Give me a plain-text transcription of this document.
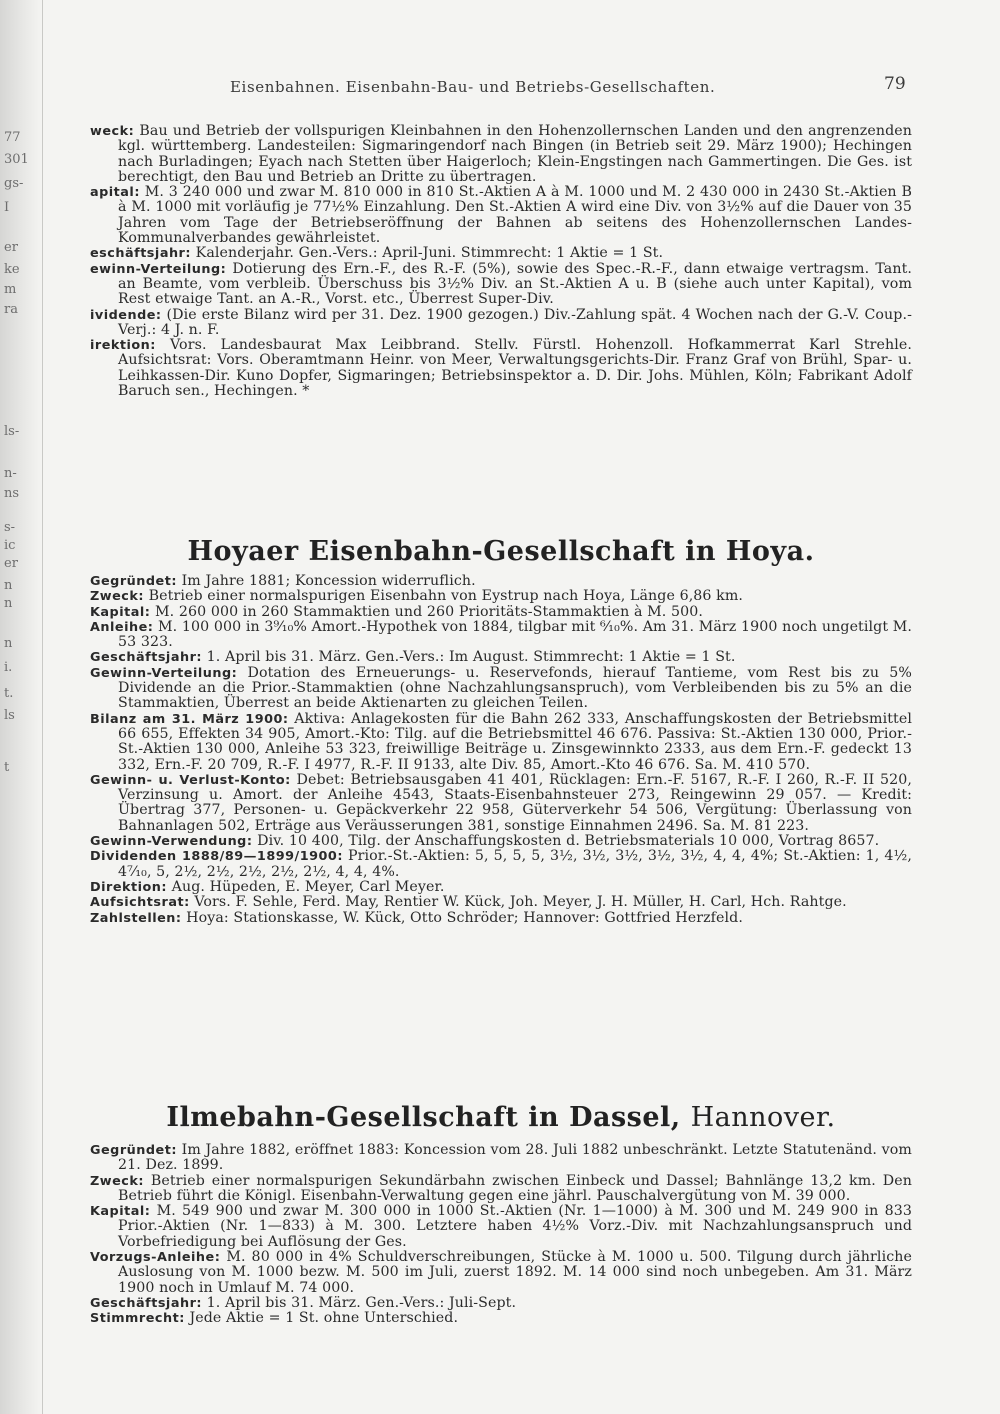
77
301
gs-
I
er
ke
m
ra
ls-
n-
ns
s-
ic
er
n
n
n
i.
t.
ls
t
Eisenbahnen. Eisenbahn-Bau- und Betriebs-Gesellschaften.	79

weck: Bau und Betrieb der vollspurigen Kleinbahnen in den Hohenzollernschen Landen und den angrenzenden kgl. württemberg. Landesteilen: Sigmaringendorf nach Bingen (in Betrieb seit 29. März 1900); Hechingen nach Burladingen; Eyach nach Stetten über Haigerloch; Klein-Engstingen nach Gammertingen. Die Ges. ist berechtigt, den Bau und Betrieb an Dritte zu übertragen.

apital: M. 3 240 000 und zwar M. 810 000 in 810 St.-Aktien A à M. 1000 und M. 2 430 000 in 2430 St.-Aktien B à M. 1000 mit vorläufig je 77½% Einzahlung. Den St.-Aktien A wird eine Div. von 3½% auf die Dauer von 35 Jahren vom Tage der Betriebseröffnung der Bahnen ab seitens des Hohenzollernschen Landes-Kommunalverbandes gewährleistet.

eschäftsjahr: Kalenderjahr. Gen.-Vers.: April-Juni. Stimmrecht: 1 Aktie = 1 St.

ewinn-Verteilung: Dotierung des Ern.-F., des R.-F. (5%), sowie des Spec.-R.-F., dann etwaige vertragsm. Tant. an Beamte, vom verbleib. Überschuss bis 3½% Div. an St.-Aktien A u. B (siehe auch unter Kapital), vom Rest etwaige Tant. an A.-R., Vorst. etc., Überrest Super-Div.

ividende: (Die erste Bilanz wird per 31. Dez. 1900 gezogen.) Div.-Zahlung spät. 4 Wochen nach der G.-V. Coup.-Verj.: 4 J. n. F.

irektion: Vors. Landesbaurat Max Leibbrand. Stellv. Fürstl. Hohenzoll. Hofkammerrat Karl Strehle. Aufsichtsrat: Vors. Oberamtmann Heinr. von Meer, Verwaltungsgerichts-Dir. Franz Graf von Brühl, Spar- u. Leihkassen-Dir. Kuno Dopfer, Sigmaringen; Betriebsinspektor a. D. Dir. Johs. Mühlen, Köln; Fabrikant Adolf Baruch sen., Hechingen. *

Hoyaer Eisenbahn-Gesellschaft in Hoya.

Gegründet: Im Jahre 1881; Koncession widerruflich.

Zweck: Betrieb einer normalspurigen Eisenbahn von Eystrup nach Hoya, Länge 6,86 km.

Kapital: M. 260 000 in 260 Stammaktien und 260 Prioritäts-Stammaktien à M. 500.

Anleihe: M. 100 000 in 3⁹⁄₁₀% Amort.-Hypothek von 1884, tilgbar mit ⁶⁄₁₀%. Am 31. März 1900 noch ungetilgt M. 53 323.

Geschäftsjahr: 1. April bis 31. März. Gen.-Vers.: Im August. Stimmrecht: 1 Aktie = 1 St.

Gewinn-Verteilung: Dotation des Erneuerungs- u. Reservefonds, hierauf Tantieme, vom Rest bis zu 5% Dividende an die Prior.-Stammaktien (ohne Nachzahlungsanspruch), vom Verbleibenden bis zu 5% an die Stammaktien, Überrest an beide Aktienarten zu gleichen Teilen.

Bilanz am 31. März 1900: Aktiva: Anlagekosten für die Bahn 262 333, Anschaffungskosten der Betriebsmittel 66 655, Effekten 34 905, Amort.-Kto: Tilg. auf die Betriebsmittel 46 676. Passiva: St.-Aktien 130 000, Prior.-St.-Aktien 130 000, Anleihe 53 323, freiwillige Beiträge u. Zinsgewinnkto 2333, aus dem Ern.-F. gedeckt 13 332, Ern.-F. 20 709, R.-F. I 4977, R.-F. II 9133, alte Div. 85, Amort.-Kto 46 676. Sa. M. 410 570.

Gewinn- u. Verlust-Konto: Debet: Betriebsausgaben 41 401, Rücklagen: Ern.-F. 5167, R.-F. I 260, R.-F. II 520, Verzinsung u. Amort. der Anleihe 4543, Staats-Eisenbahnsteuer 273, Reingewinn 29 057. — Kredit: Übertrag 377, Personen- u. Gepäckverkehr 22 958, Güterverkehr 54 506, Vergütung: Überlassung von Bahnanlagen 502, Erträge aus Veräusserungen 381, sonstige Einnahmen 2496. Sa. M. 81 223.

Gewinn-Verwendung: Div. 10 400, Tilg. der Anschaffungskosten d. Betriebsmaterials 10 000, Vortrag 8657.

Dividenden 1888/89—1899/1900: Prior.-St.-Aktien: 5, 5, 5, 5, 3½, 3½, 3½, 3½, 3½, 4, 4, 4%; St.-Aktien: 1, 4½, 4⁷⁄₁₀, 5, 2½, 2½, 2½, 2½, 2½, 4, 4, 4%.

Direktion: Aug. Hüpeden, E. Meyer, Carl Meyer.

Aufsichtsrat: Vors. F. Sehle, Ferd. May, Rentier W. Kück, Joh. Meyer, J. H. Müller, H. Carl, Hch. Rahtge.

Zahlstellen: Hoya: Stationskasse, W. Kück, Otto Schröder; Hannover: Gottfried Herzfeld.

Ilmebahn-Gesellschaft in Dassel, Hannover.

Gegründet: Im Jahre 1882, eröffnet 1883: Koncession vom 28. Juli 1882 unbeschränkt. Letzte Statutenänd. vom 21. Dez. 1899.

Zweck: Betrieb einer normalspurigen Sekundärbahn zwischen Einbeck und Dassel; Bahnlänge 13,2 km. Den Betrieb führt die Königl. Eisenbahn-Verwaltung gegen eine jährl. Pauschalvergütung von M. 39 000.

Kapital: M. 549 900 und zwar M. 300 000 in 1000 St.-Aktien (Nr. 1—1000) à M. 300 und M. 249 900 in 833 Prior.-Aktien (Nr. 1—833) à M. 300. Letztere haben 4½% Vorz.-Div. mit Nachzahlungsanspruch und Vorbefriedigung bei Auflösung der Ges.

Vorzugs-Anleihe: M. 80 000 in 4% Schuldverschreibungen, Stücke à M. 1000 u. 500. Tilgung durch jährliche Auslosung von M. 1000 bezw. M. 500 im Juli, zuerst 1892. M. 14 000 sind noch unbegeben. Am 31. März 1900 noch in Umlauf M. 74 000.

Geschäftsjahr: 1. April bis 31. März. Gen.-Vers.: Juli-Sept.

Stimmrecht: Jede Aktie = 1 St. ohne Unterschied.
